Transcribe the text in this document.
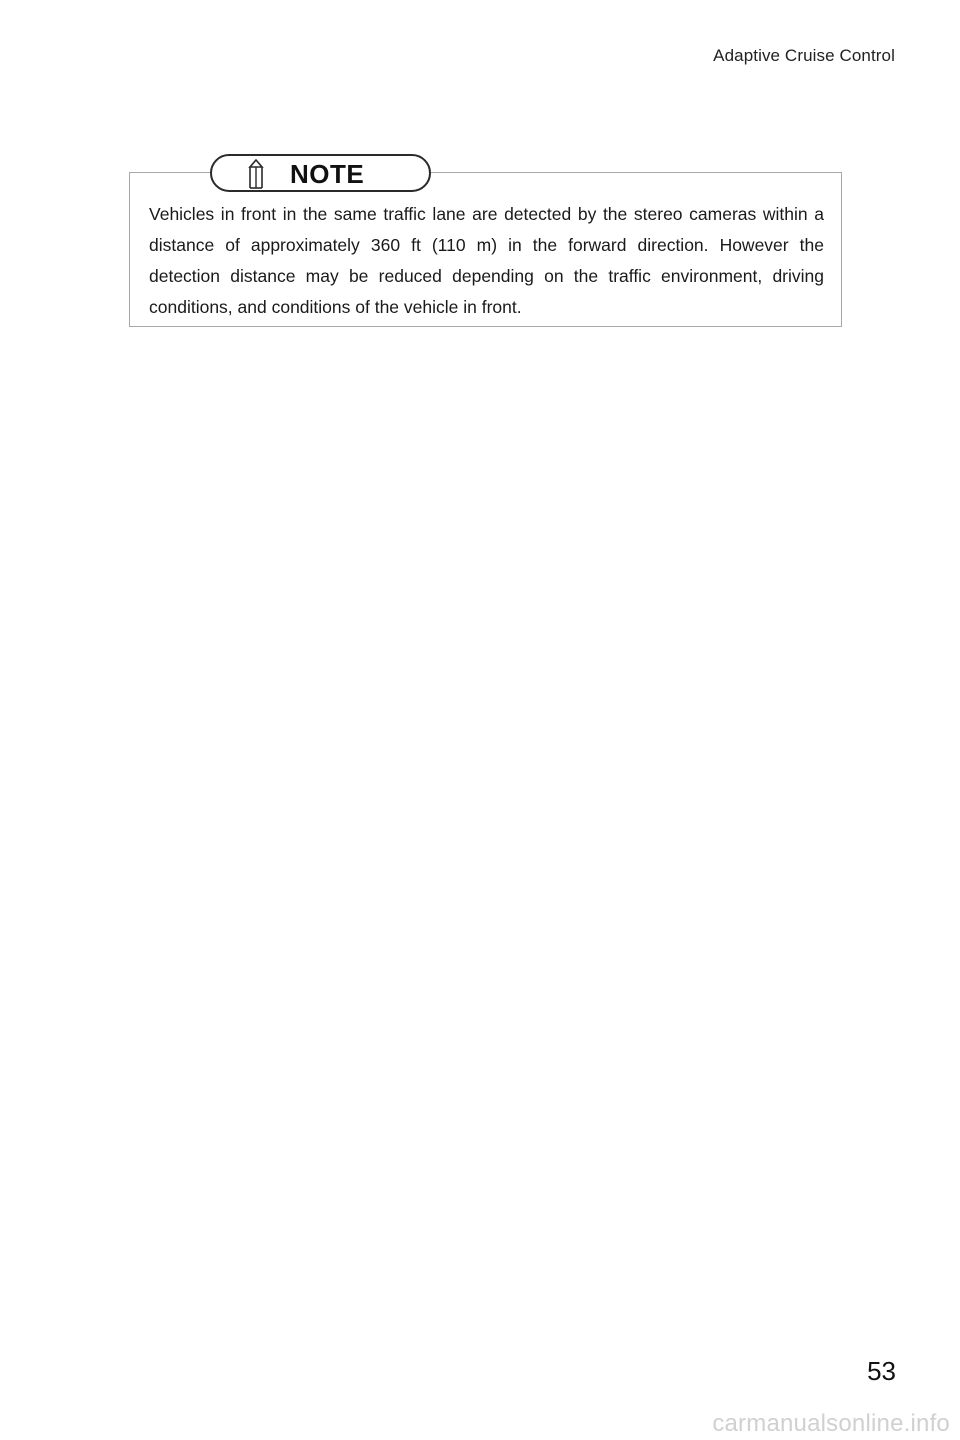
Adaptive Cruise Control
NOTE
Vehicles in front in the same traffic lane are detected by the stereo cameras within a distance of approximately 360 ft (110 m) in the forward direction. However the detection distance may be reduced depending on the traffic environment, driving conditions, and conditions of the vehicle in front.
53
carmanualsonline.info
